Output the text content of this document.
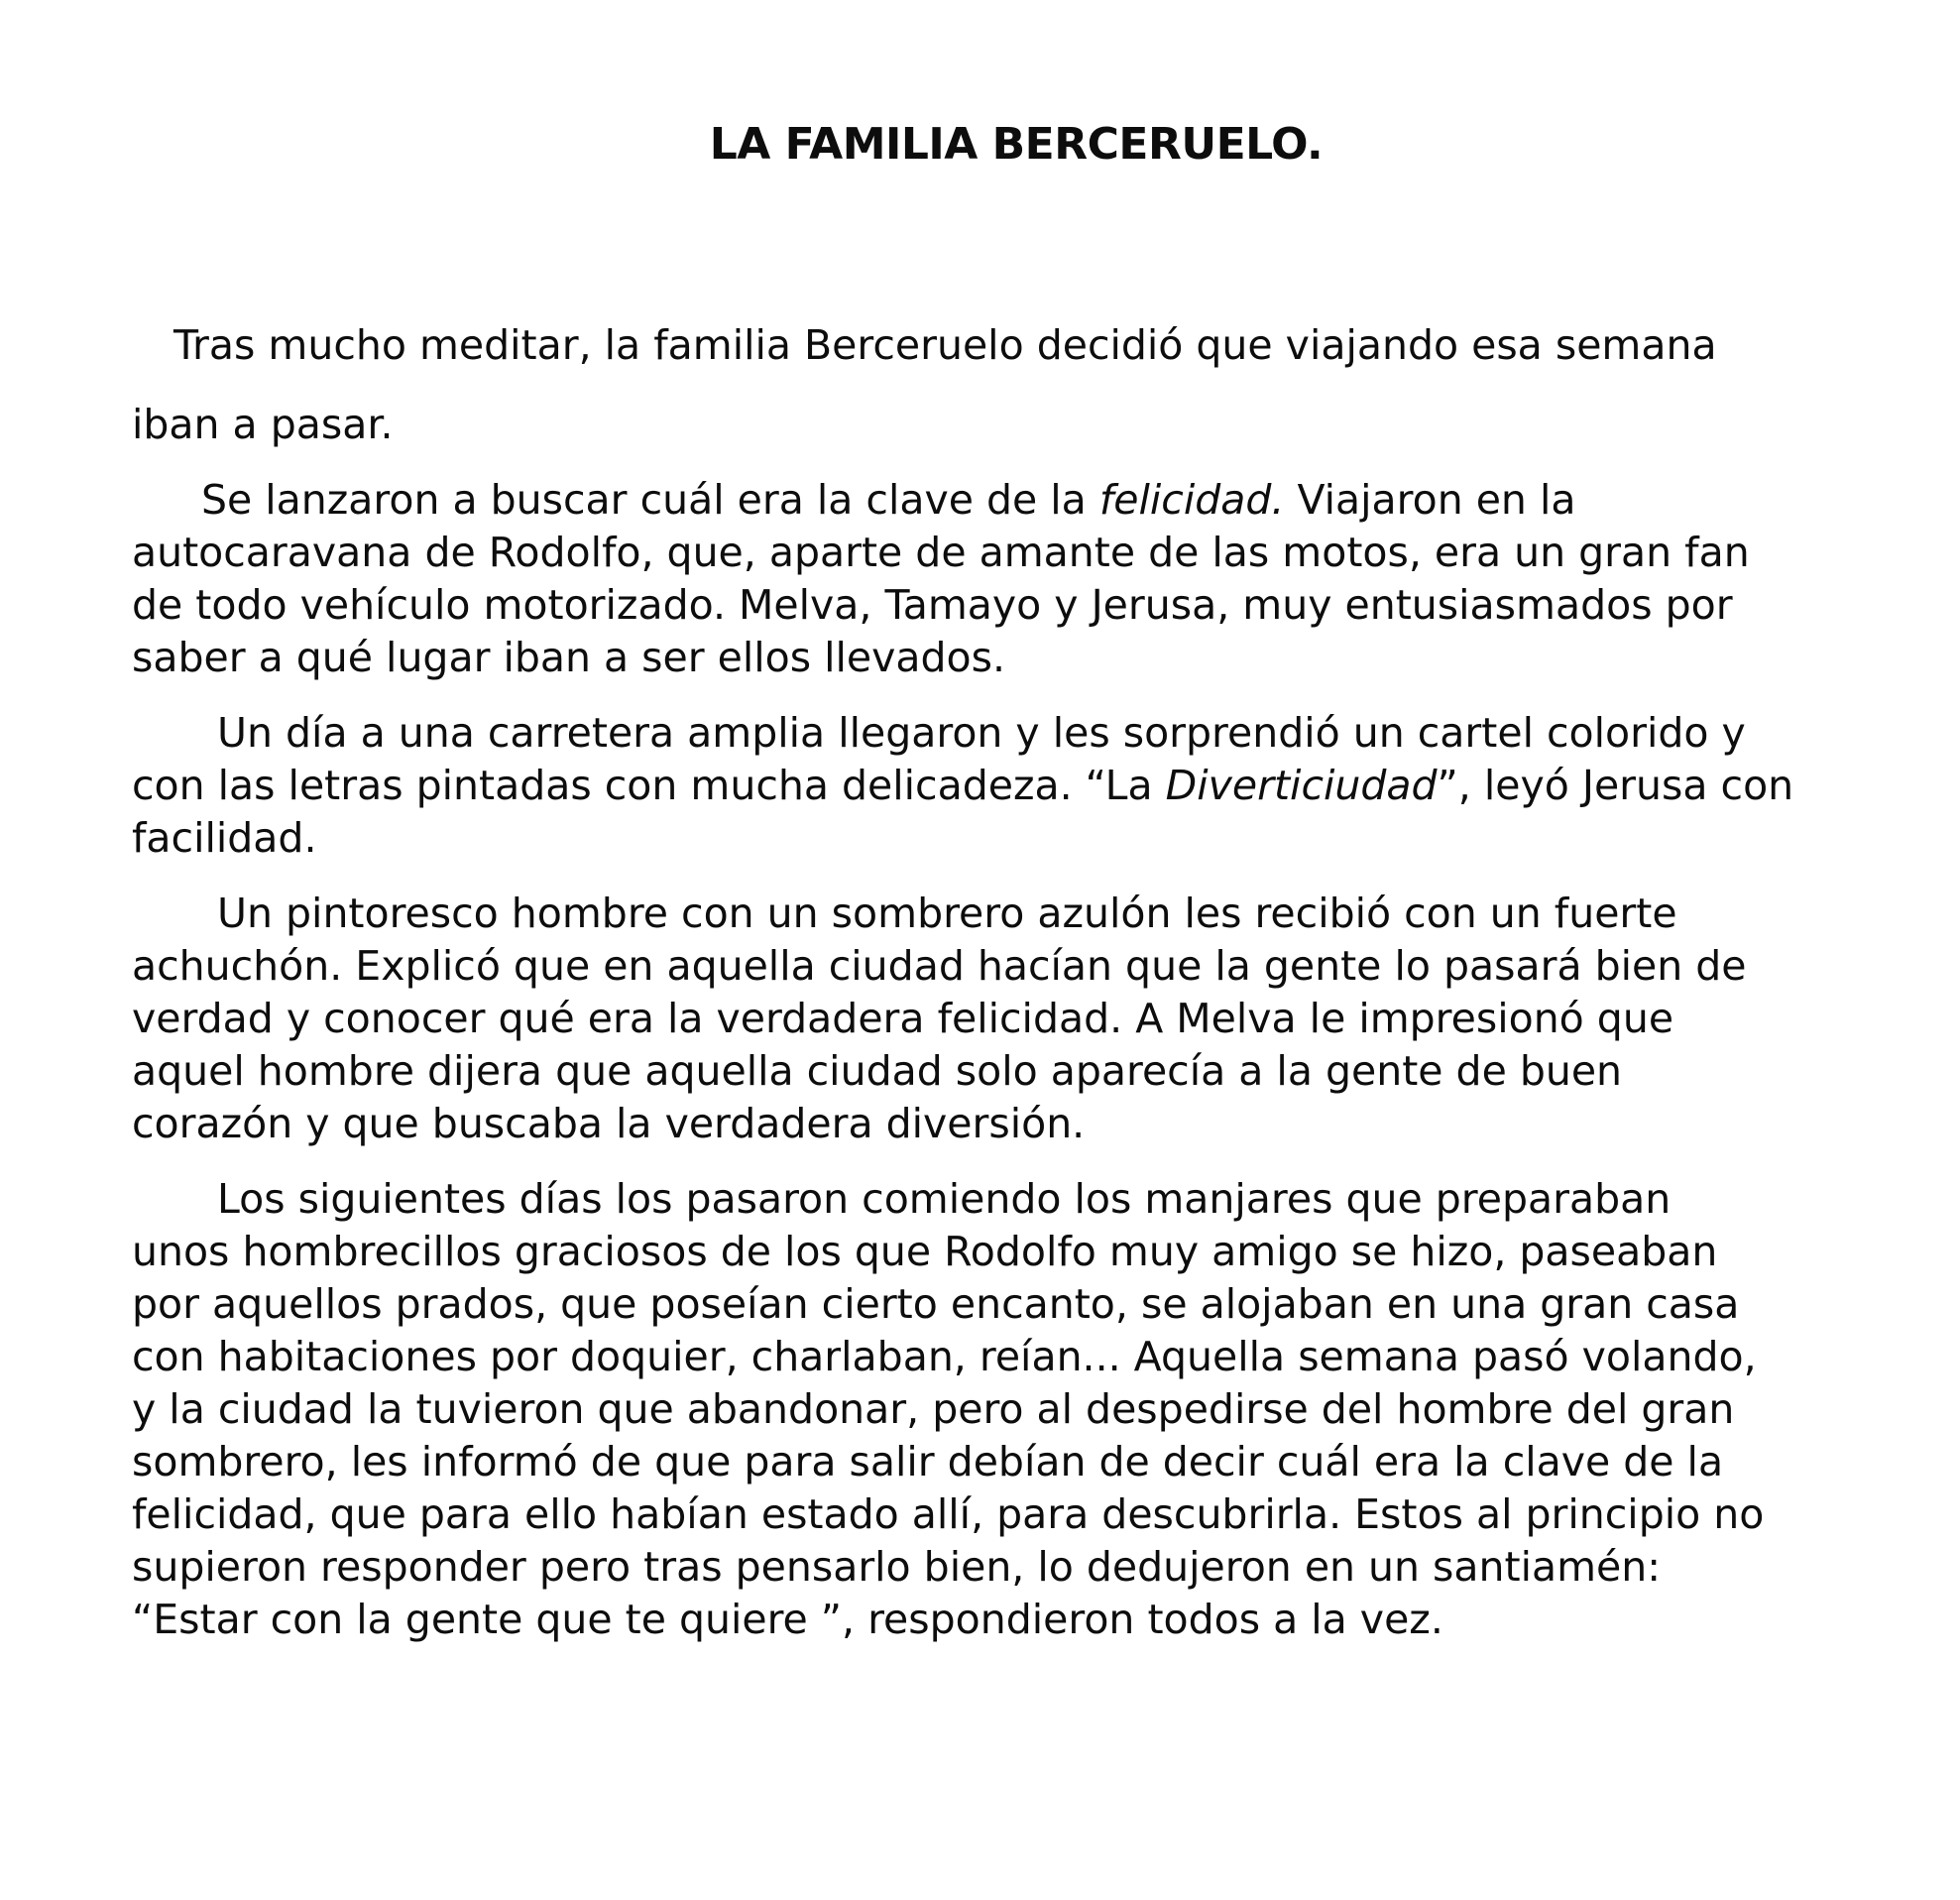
LA FAMILIA BERCERUELO.
Tras mucho meditar, la familia Berceruelo decidió que viajando esa semana
iban a pasar.
Se lanzaron a buscar cuál era la clave de la felicidad. Viajaron en la
autocaravana de Rodolfo, que, aparte de amante de las motos, era un gran fan
de todo vehículo motorizado. Melva, Tamayo y Jerusa, muy entusiasmados por
saber a qué lugar iban a ser ellos llevados.
Un día a una carretera amplia llegaron y les sorprendió un cartel colorido y
con las letras pintadas con mucha delicadeza. “La Diverticiudad”, leyó Jerusa con
facilidad.
Un pintoresco hombre con un sombrero azulón les recibió con un fuerte
achuchón. Explicó que en aquella ciudad hacían que la gente lo pasará bien de
verdad y conocer qué era la verdadera felicidad. A Melva le impresionó que
aquel hombre dijera que aquella ciudad solo aparecía a la gente de buen
corazón y que buscaba la verdadera diversión.
Los siguientes días los pasaron comiendo los manjares que preparaban
unos hombrecillos graciosos de los que Rodolfo muy amigo se hizo, paseaban
por aquellos prados, que poseían cierto encanto, se alojaban en una gran casa
con habitaciones por doquier, charlaban, reían... Aquella semana pasó volando,
y la ciudad la tuvieron que abandonar, pero al despedirse del hombre del gran
sombrero, les informó de que para salir debían de decir cuál era la clave de la
felicidad, que para ello habían estado allí, para descubrirla. Estos al principio no
supieron responder pero tras pensarlo bien, lo dedujeron en un santiamén:
“Estar con la gente que te quiere ”, respondieron todos a la vez.
